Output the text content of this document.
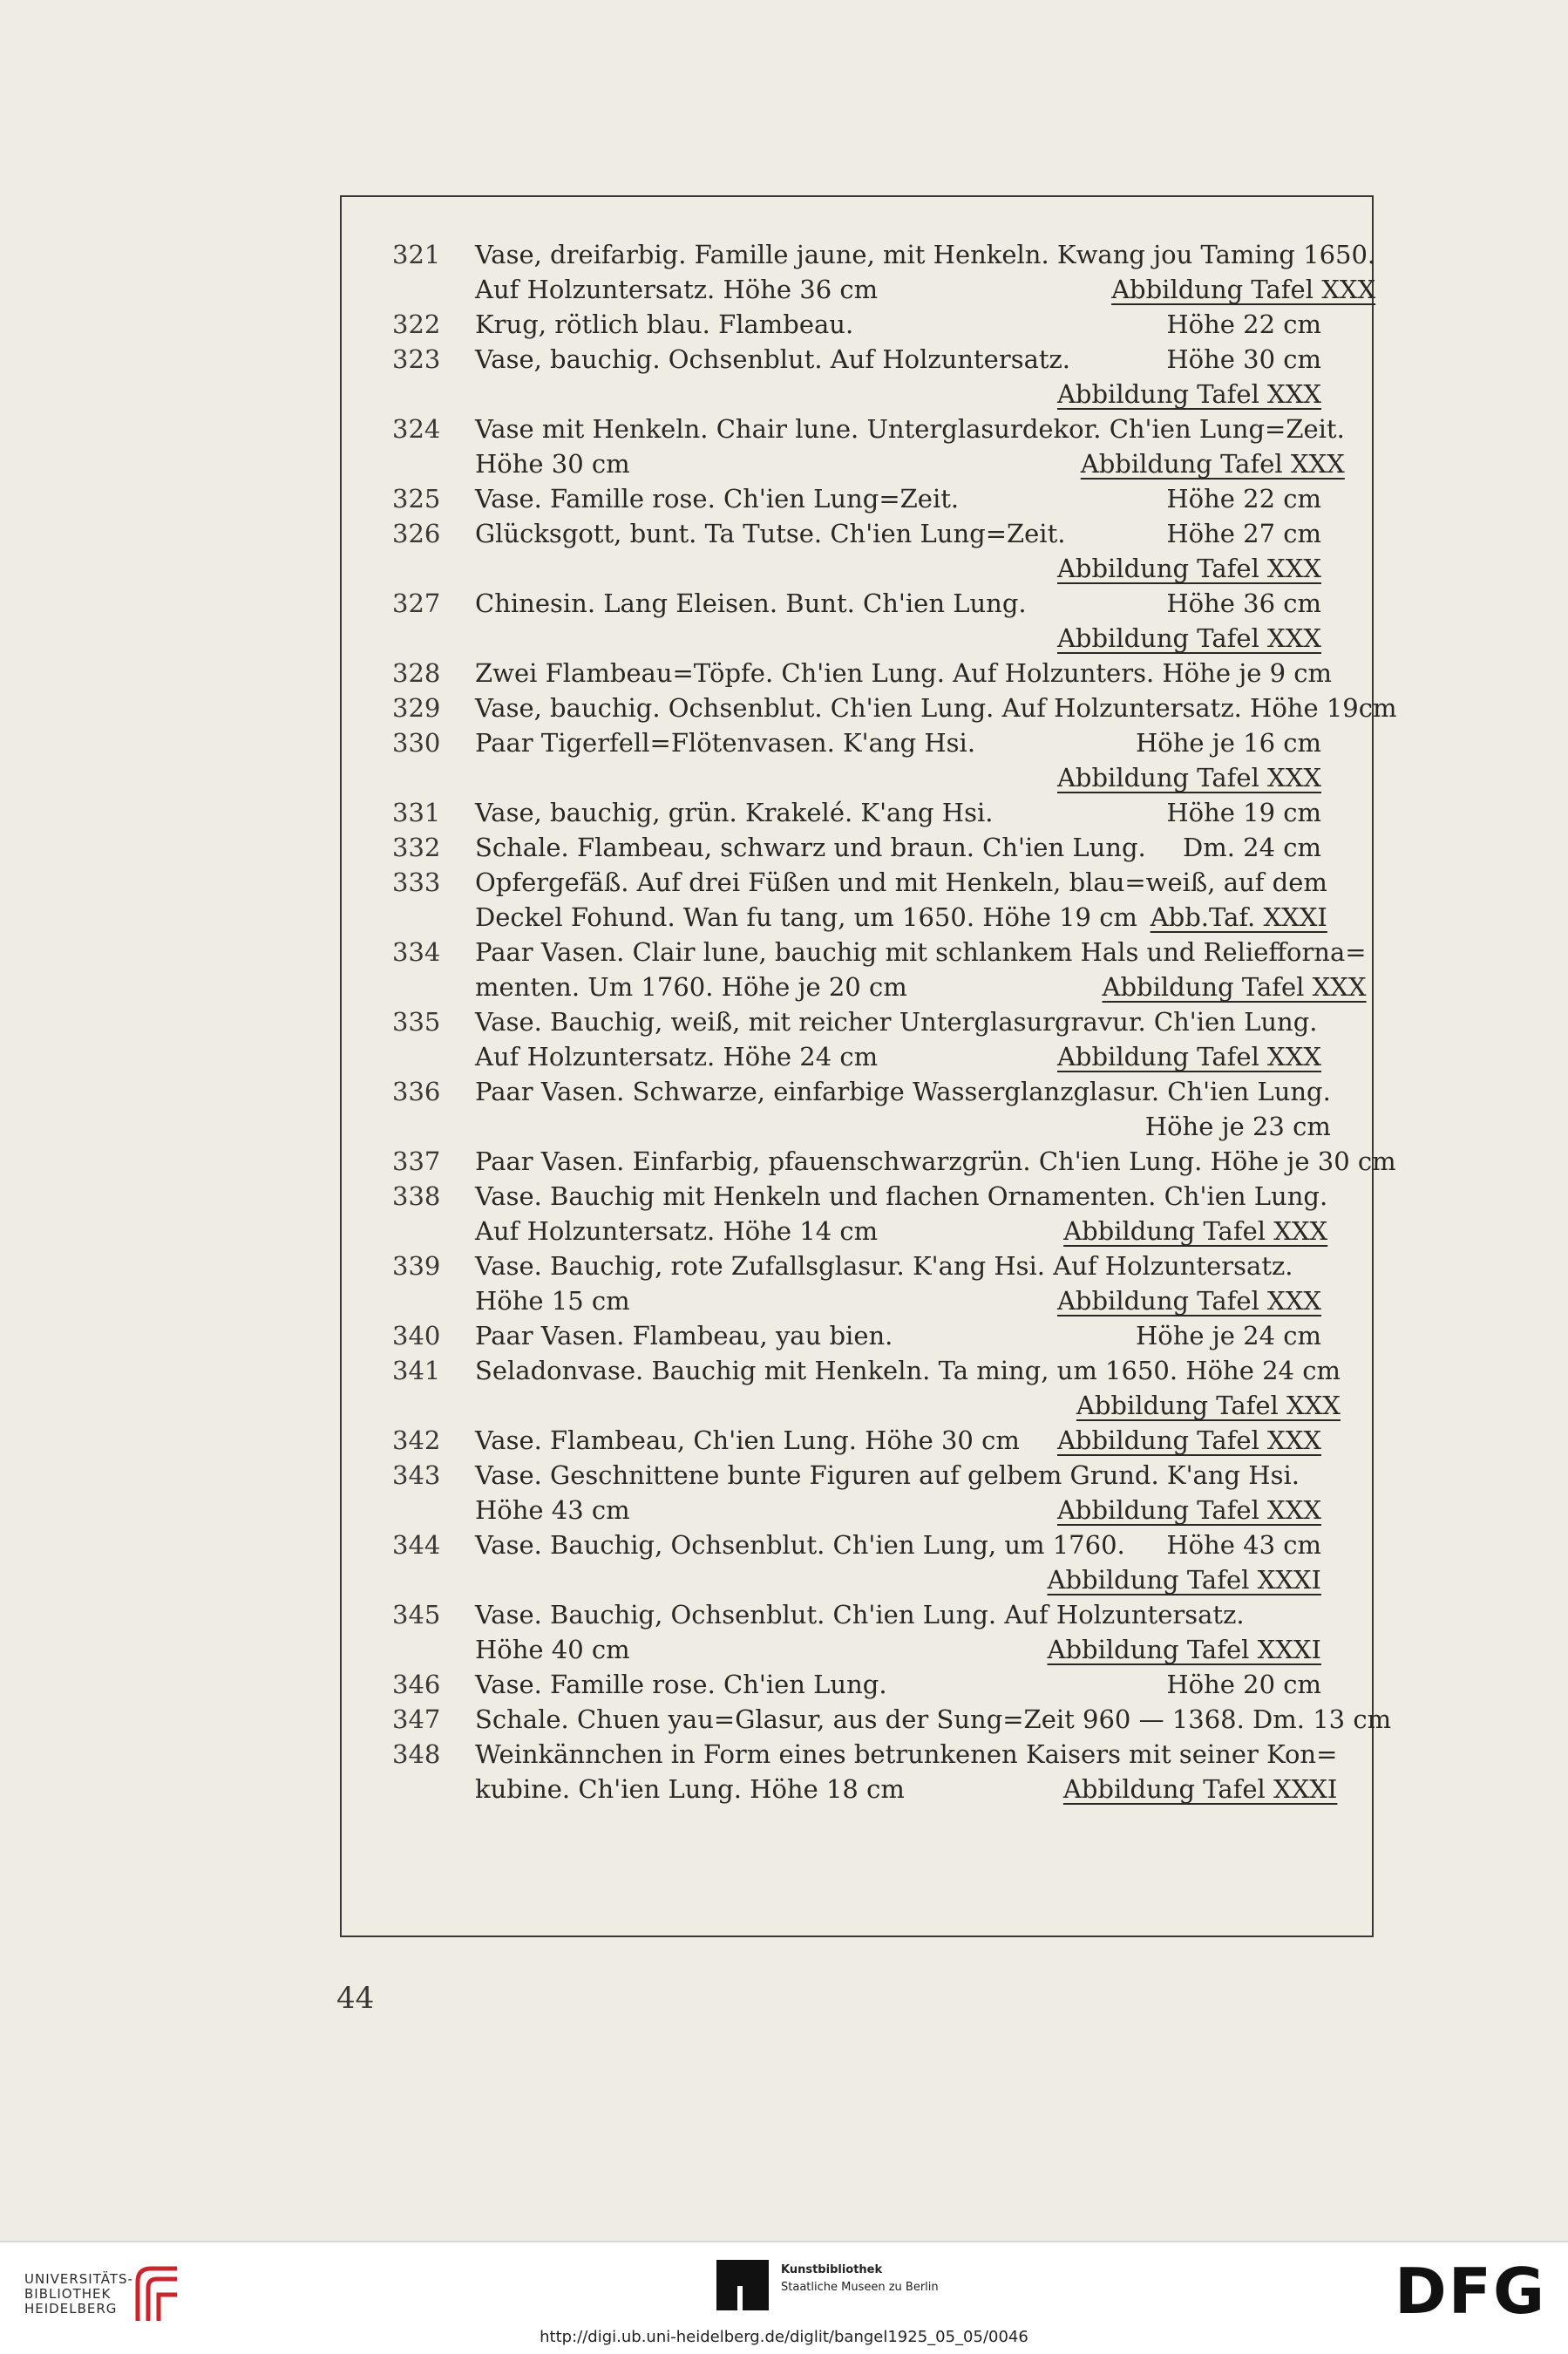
321	Vase, dreifarbig. Famille jaune, mit Henkeln. Kwang jou Taming 1650.
Auf Holzuntersatz. Höhe 36 cm	Abbildung Tafel XXX
322	Krug, rötlich blau. Flambeau.	Höhe 22 cm
323	Vase, bauchig. Ochsenblut. Auf Holzuntersatz.	Höhe 30 cm
Abbildung Tafel XXX
324	Vase mit Henkeln. Chair lune. Unterglasurdekor. Ch'ien Lung=Zeit.
Höhe 30 cm	Abbildung Tafel XXX
325	Vase. Famille rose. Ch'ien Lung=Zeit.	Höhe 22 cm
326	Glücksgott, bunt. Ta Tutse. Ch'ien Lung=Zeit.	Höhe 27 cm
Abbildung Tafel XXX
327	Chinesin. Lang Eleisen. Bunt. Ch'ien Lung.	Höhe 36 cm
Abbildung Tafel XXX
328	Zwei Flambeau=Töpfe. Ch'ien Lung. Auf Holzunters. Höhe je 9 cm
329	Vase, bauchig. Ochsenblut. Ch'ien Lung. Auf Holzuntersatz. Höhe 19cm
330	Paar Tigerfell=Flötenvasen. K'ang Hsi.	Höhe je 16 cm
Abbildung Tafel XXX
331	Vase, bauchig, grün. Krakelé. K'ang Hsi.	Höhe 19 cm
332	Schale. Flambeau, schwarz und braun. Ch'ien Lung. Dm. 24 cm
333	Opfergefäß. Auf drei Füßen und mit Henkeln, blau=weiß, auf dem
Deckel Fohund. Wan fu tang, um 1650. Höhe 19 cm Abb.Taf. XXXI
334	Paar Vasen. Clair lune, bauchig mit schlankem Hals und Reliefforna=
menten. Um 1760. Höhe je 20 cm	Abbildung Tafel XXX
335	Vase. Bauchig, weiß, mit reicher Unterglasurgravur. Ch'ien Lung.
Auf Holzuntersatz. Höhe 24 cm	Abbildung Tafel XXX
336	Paar Vasen. Schwarze, einfarbige Wasserglanzglasur. Ch'ien Lung.
Höhe je 23 cm
337	Paar Vasen. Einfarbig, pfauenschwarzgrün. Ch'ien Lung. Höhe je 30 cm
338	Vase. Bauchig mit Henkeln und flachen Ornamenten. Ch'ien Lung.
Auf Holzuntersatz. Höhe 14 cm	Abbildung Tafel XXX
339	Vase. Bauchig, rote Zufallsglasur. K'ang Hsi. Auf Holzuntersatz.
Höhe 15 cm	Abbildung Tafel XXX
340	Paar Vasen. Flambeau, yau bien.	Höhe je 24 cm
341	Seladonvase. Bauchig mit Henkeln. Ta ming, um 1650. Höhe 24 cm
Abbildung Tafel XXX
342	Vase. Flambeau, Ch'ien Lung. Höhe 30 cm Abbildung Tafel XXX
343	Vase. Geschnittene bunte Figuren auf gelbem Grund. K'ang Hsi.
Höhe 43 cm	Abbildung Tafel XXX
344	Vase. Bauchig, Ochsenblut. Ch'ien Lung, um 1760. Höhe 43 cm
Abbildung Tafel XXXI
345	Vase. Bauchig, Ochsenblut. Ch'ien Lung. Auf Holzuntersatz.
Höhe 40 cm	Abbildung Tafel XXXI
346	Vase. Famille rose. Ch'ien Lung.	Höhe 20 cm
347	Schale. Chuen yau=Glasur, aus der Sung=Zeit 960 — 1368. Dm. 13 cm
348	Weinkännchen in Form eines betrunkenen Kaisers mit seiner Kon=
kubine. Ch'ien Lung. Höhe 18 cm	Abbildung Tafel XXXI
44
UNIVERSITÄTS-
BIBLIOTHEK
HEIDELBERG
Kunstbibliothek
Staatliche Museen zu Berlin	DFG
http://digi.ub.uni-heidelberg.de/diglit/bangel1925_05_05/0046
